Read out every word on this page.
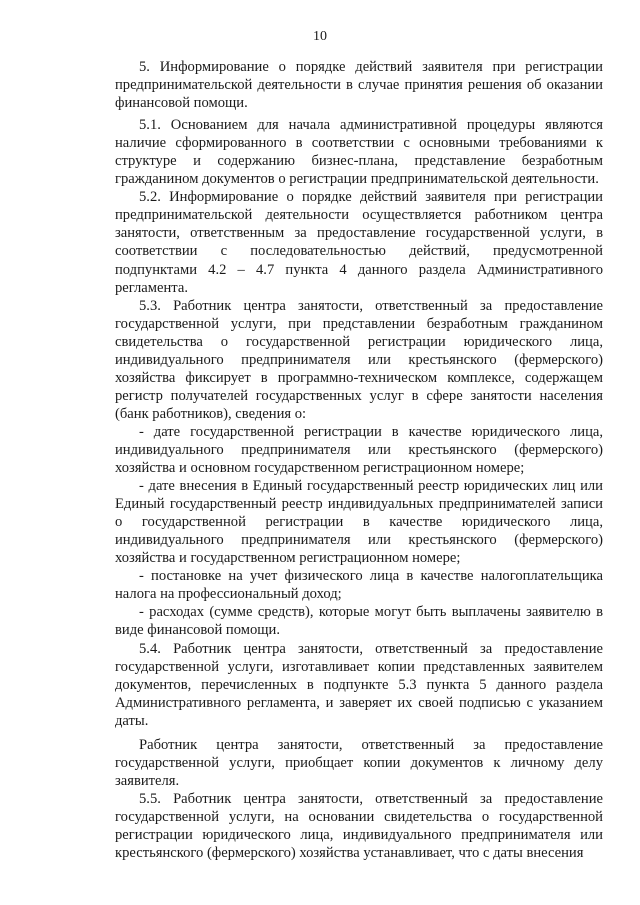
10

5. Информирование о порядке действий заявителя при регистрации предпринимательской деятельности в случае принятия решения об оказании финансовой помощи.

5.1. Основанием для начала административной процедуры являются наличие сформированного в соответствии с основными требованиями к структуре и содержанию бизнес-плана, представление безработным гражданином документов о регистрации предпринимательской деятельности.

5.2. Информирование о порядке действий заявителя при регистрации предпринимательской деятельности осуществляется работником центра занятости, ответственным за предоставление государственной услуги, в соответствии с последовательностью действий, предусмотренной подпунктами 4.2 – 4.7 пункта 4 данного раздела Административного регламента.

5.3. Работник центра занятости, ответственный за предоставление государственной услуги, при представлении безработным гражданином свидетельства о государственной регистрации юридического лица, индивидуального предпринимателя или крестьянского (фермерского) хозяйства фиксирует в программно-техническом комплексе, содержащем регистр получателей государственных услуг в сфере занятости населения (банк работников), сведения о:

- дате государственной регистрации в качестве юридического лица, индивидуального предпринимателя или крестьянского (фермерского) хозяйства и основном государственном регистрационном номере;

- дате внесения в Единый государственный реестр юридических лиц или Единый государственный реестр индивидуальных предпринимателей записи о государственной регистрации в качестве юридического лица, индивидуального предпринимателя или крестьянского (фермерского) хозяйства и государственном регистрационном номере;

- постановке на учет физического лица в качестве налогоплательщика налога на профессиональный доход;

- расходах (сумме средств), которые могут быть выплачены заявителю в виде финансовой помощи.

5.4. Работник центра занятости, ответственный за предоставление государственной услуги, изготавливает копии представленных заявителем документов, перечисленных в подпункте 5.3 пункта 5 данного раздела Административного регламента, и заверяет их своей подписью с указанием даты.

Работник центра занятости, ответственный за предоставление государственной услуги, приобщает копии документов к личному делу заявителя.

5.5. Работник центра занятости, ответственный за предоставление государственной услуги, на основании свидетельства о государственной регистрации юридического лица, индивидуального предпринимателя или крестьянского (фермерского) хозяйства устанавливает, что с даты внесения
